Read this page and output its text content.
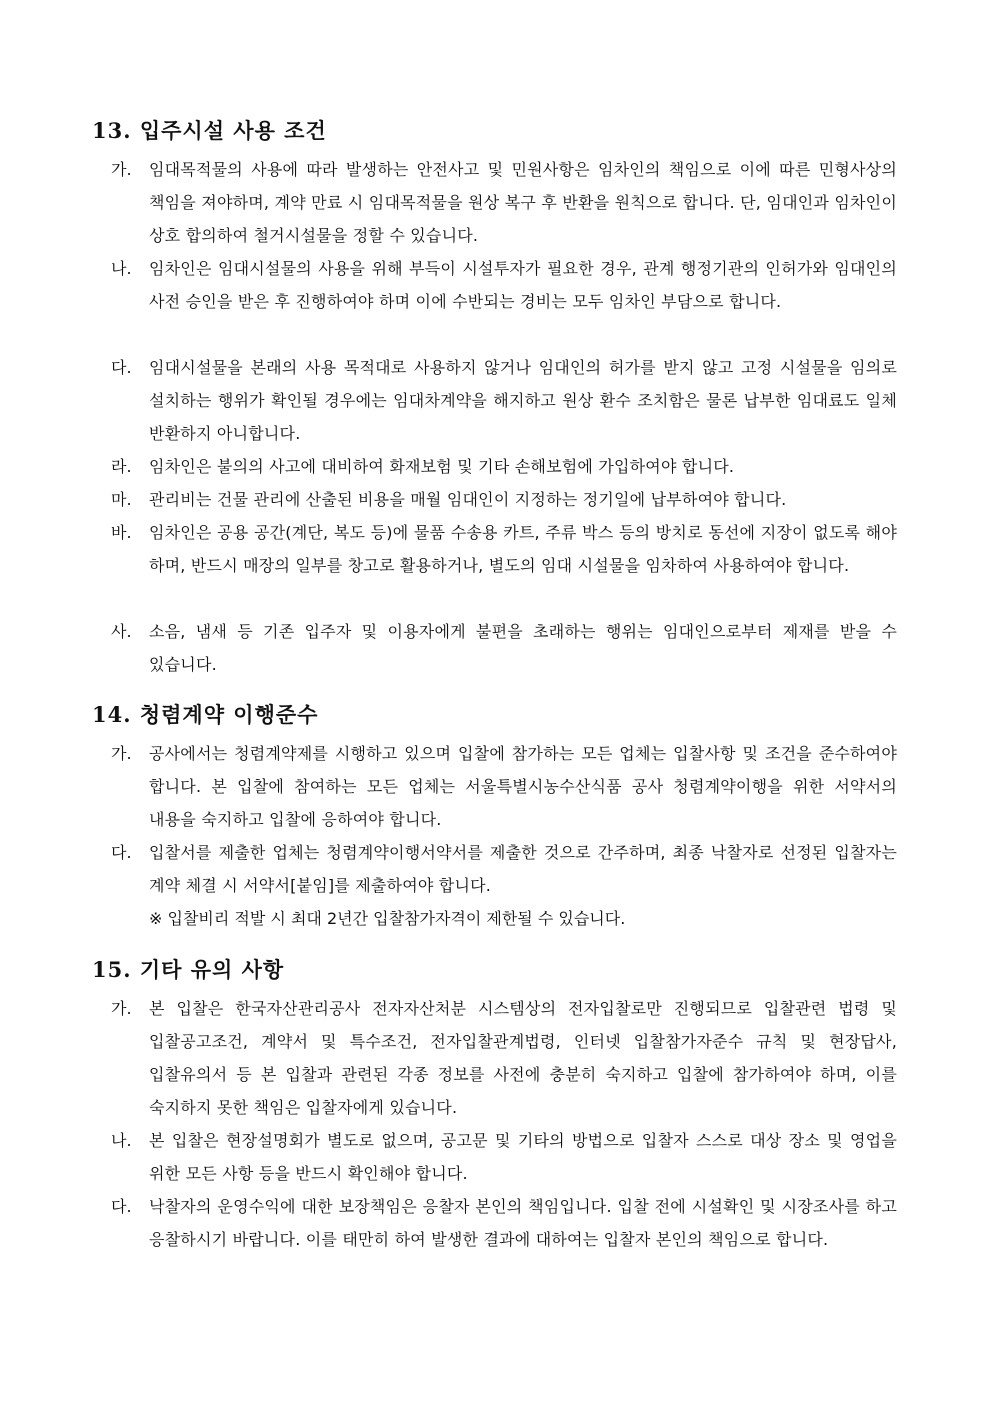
13. 입주시설 사용 조건
가.	임대목적물의 사용에 따라 발생하는 안전사고 및 민원사항은 임차인의 책임으로 이에 따른 민형사상의 책임을 져야하며, 계약 만료 시 임대목적물을 원상 복구 후 반환을 원칙으로 합니다. 단, 임대인과 임차인이 상호 합의하여 철거시설물을 정할 수 있습니다.
나.	임차인은 임대시설물의 사용을 위해 부득이 시설투자가 필요한 경우, 관계 행정기관의 인허가와 임대인의 사전 승인을 받은 후 진행하여야 하며 이에 수반되는 경비는 모두 임차인 부담으로 합니다.
다.	임대시설물을 본래의 사용 목적대로 사용하지 않거나 임대인의 허가를 받지 않고 고정 시설물을 임의로 설치하는 행위가 확인될 경우에는 임대차계약을 해지하고 원상 환수 조치함은 물론 납부한 임대료도 일체 반환하지 아니합니다.
라.	임차인은 불의의 사고에 대비하여 화재보험 및 기타 손해보험에 가입하여야 합니다.
마.	관리비는 건물 관리에 산출된 비용을 매월 임대인이 지정하는 정기일에 납부하여야 합니다.
바.	임차인은 공용 공간(계단, 복도 등)에 물품 수송용 카트, 주류 박스 등의 방치로 동선에 지장이 없도록 해야 하며, 반드시 매장의 일부를 창고로 활용하거나, 별도의 임대 시설물을 임차하여 사용하여야 합니다.
사.	소음, 냄새 등 기존 입주자 및 이용자에게 불편을 초래하는 행위는 임대인으로부터 제재를 받을 수 있습니다.
14. 청렴계약 이행준수
가.	공사에서는 청렴계약제를 시행하고 있으며 입찰에 참가하는 모든 업체는 입찰사항 및 조건을 준수하여야 합니다. 본 입찰에 참여하는 모든 업체는 서울특별시농수산식품 공사 청렴계약이행을 위한 서약서의 내용을 숙지하고 입찰에 응하여야 합니다.
다.	입찰서를 제출한 업체는 청렴계약이행서약서를 제출한 것으로 간주하며, 최종 낙찰자로 선정된 입찰자는 계약 체결 시 서약서[붙임]를 제출하여야 합니다.
※ 입찰비리 적발 시 최대 2년간 입찰참가자격이 제한될 수 있습니다.
15. 기타 유의 사항
가.	본 입찰은 한국자산관리공사 전자자산처분 시스템상의 전자입찰로만 진행되므로 입찰관련 법령 및 입찰공고조건, 계약서 및 특수조건, 전자입찰관계법령, 인터넷 입찰참가자준수 규칙 및 현장답사, 입찰유의서 등 본 입찰과 관련된 각종 정보를 사전에 충분히 숙지하고 입찰에 참가하여야 하며, 이를 숙지하지 못한 책임은 입찰자에게 있습니다.
나.	본 입찰은 현장설명회가 별도로 없으며, 공고문 및 기타의 방법으로 입찰자 스스로 대상 장소 및 영업을 위한 모든 사항 등을 반드시 확인해야 합니다.
다.	낙찰자의 운영수익에 대한 보장책임은 응찰자 본인의 책임입니다. 입찰 전에 시설확인 및 시장조사를 하고 응찰하시기 바랍니다. 이를 태만히 하여 발생한 결과에 대하여는 입찰자 본인의 책임으로 합니다.
